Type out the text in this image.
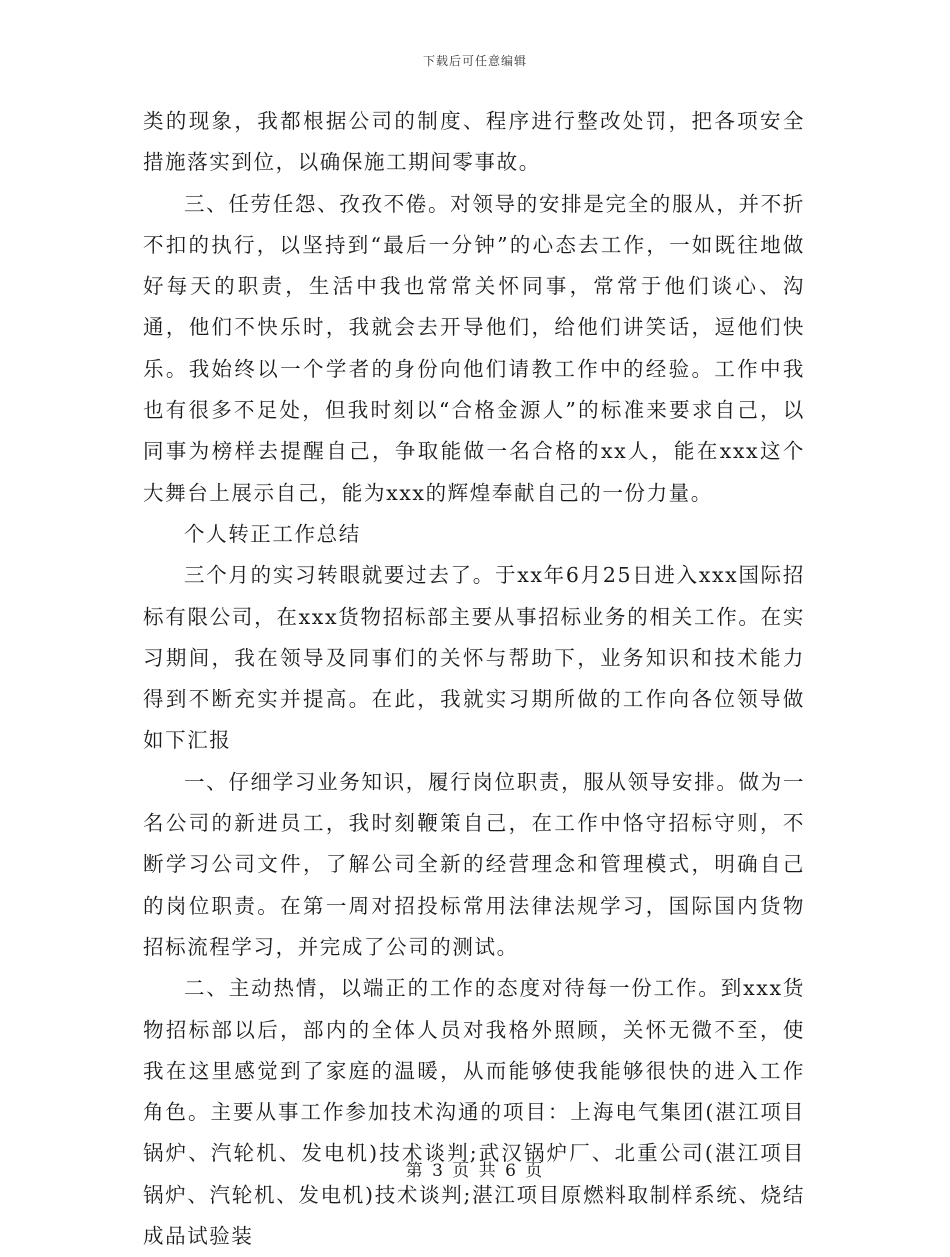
下载后可任意编辑

类的现象，我都根据公司的制度、程序进行整改处罚，把各项安全措施落实到位，以确保施工期间零事故。

三、任劳任怨、孜孜不倦。对领导的安排是完全的服从，并不折不扣的执行，以坚持到“最后一分钟”的心态去工作，一如既往地做好每天的职责，生活中我也常常关怀同事，常常于他们谈心、沟通，他们不快乐时，我就会去开导他们，给他们讲笑话，逗他们快乐。我始终以一个学者的身份向他们请教工作中的经验。工作中我也有很多不足处，但我时刻以“合格金源人”的标准来要求自己，以同事为榜样去提醒自己，争取能做一名合格的xx人，能在xxx这个大舞台上展示自己，能为xxx的辉煌奉献自己的一份力量。

个人转正工作总结

三个月的实习转眼就要过去了。于xx年6月25日进入xxx国际招标有限公司，在xxx货物招标部主要从事招标业务的相关工作。在实习期间，我在领导及同事们的关怀与帮助下，业务知识和技术能力得到不断充实并提高。在此，我就实习期所做的工作向各位领导做如下汇报

一、仔细学习业务知识，履行岗位职责，服从领导安排。做为一名公司的新进员工，我时刻鞭策自己，在工作中恪守招标守则，不断学习公司文件，了解公司全新的经营理念和管理模式，明确自己的岗位职责。在第一周对招投标常用法律法规学习，国际国内货物招标流程学习，并完成了公司的测试。

二、主动热情，以端正的工作的态度对待每一份工作。到xxx货物招标部以后，部内的全体人员对我格外照顾，关怀无微不至，使我在这里感觉到了家庭的温暖，从而能够使我能够很快的进入工作角色。主要从事工作参加技术沟通的项目：上海电气集团(湛江项目锅炉、汽轮机、发电机)技术谈判;武汉锅炉厂、北重公司(湛江项目锅炉、汽轮机、发电机)技术谈判;湛江项目原燃料取制样系统、烧结成品试验装

第 3 页 共 6 页
